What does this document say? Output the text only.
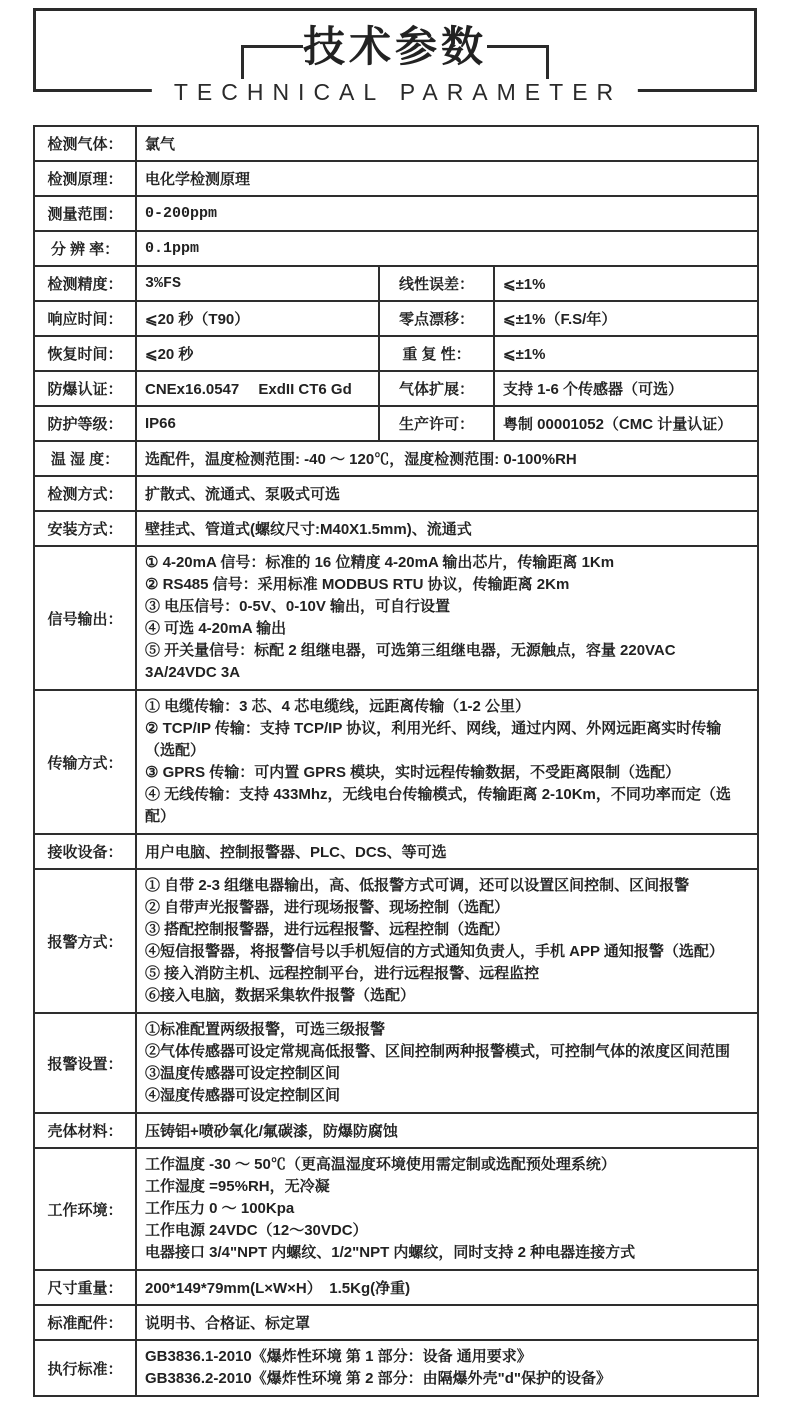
技术参数
TECHNICAL PARAMETER
检测气体：	氯气		
检测原理：	电化学检测原理		
测量范围：	0-200ppm		
分 辨 率：	0.1ppm		
检测精度：	3%FS	线性误差：	⩽±1%
响应时间：	⩽20 秒（T90）	零点漂移：	⩽±1%（F.S/年）
恢复时间：	⩽20 秒	重 复 性：	⩽±1%
防爆认证：	CNEx16.0547　 ExdII CT6 Gd	气体扩展：	支持 1-6 个传感器（可选）
防护等级：	IP66	生产许可：	粤制 00001052（CMC 计量认证）
温 湿 度：	选配件，温度检测范围: -40 ～ 120℃，湿度检测范围: 0-100%RH		
检测方式：	扩散式、流通式、泵吸式可选		
安装方式：	壁挂式、管道式(螺纹尺寸:M40X1.5mm)、流通式		
信号输出：	① 4-20mA 信号：标准的 16 位精度 4-20mA 输出芯片，传输距离 1Km
② RS485 信号：采用标准 MODBUS RTU 协议，传输距离 2Km
③ 电压信号：0-5V、0-10V 输出，可自行设置
④ 可选 4-20mA 输出
⑤ 开关量信号：标配 2 组继电器，可选第三组继电器，无源触点，容量 220VAC 3A/24VDC 3A		

传输方式：	① 电缆传输：3 芯、4 芯电缆线，远距离传输（1-2 公里）
② TCP/IP 传输：支持 TCP/IP 协议，利用光纤、网线，通过内网、外网远距离实时传输（选配）
③ GPRS 传输：可内置 GPRS 模块，实时远程传输数据，不受距离限制（选配）
④ 无线传输：支持 433Mhz，无线电台传输模式，传输距离 2-10Km，不同功率而定（选配）		

接收设备：	用户电脑、控制报警器、PLC、DCS、等可选		
报警方式：	
① 自带 2-3 组继电器输出，高、低报警方式可调，还可以设置区间控制、区间报警
② 自带声光报警器，进行现场报警、现场控制（选配）
③ 搭配控制报警器，进行远程报警、远程控制（选配）
④短信报警器，将报警信号以手机短信的方式通知负责人，手机 APP 通知报警（选配）
⑤ 接入消防主机、远程控制平台，进行远程报警、远程监控
⑥接入电脑，数据采集软件报警（选配）

报警设置：	①标准配置两级报警，可选三级报警
②气体传感器可设定常规高低报警、区间控制两种报警模式，可控制气体的浓度区间范围
③温度传感器可设定控制区间
④湿度传感器可设定控制区间		

壳体材料：	压铸铝+喷砂氧化/氟碳漆，防爆防腐蚀		
工作环境：	工作温度 -30 ～ 50℃（更高温湿度环境使用需定制或选配预处理系统）
工作湿度 =95%RH，无冷凝
工作压力 0 ～ 100Kpa
工作电源 24VDC（12～30VDC）
电器接口 3/4"NPT 内螺纹、1/2"NPT 内螺纹，同时支持 2 种电器连接方式		

尺寸重量：	200*149*79mm(L×W×H）　1.5Kg(净重)		
标准配件：	说明书、合格证、标定罩		
执行标准：	GB3836.1-2010《爆炸性环境 第 1 部分：设备 通用要求》
GB3836.2-2010《爆炸性环境 第 2 部分：由隔爆外壳"d"保护的设备》		
